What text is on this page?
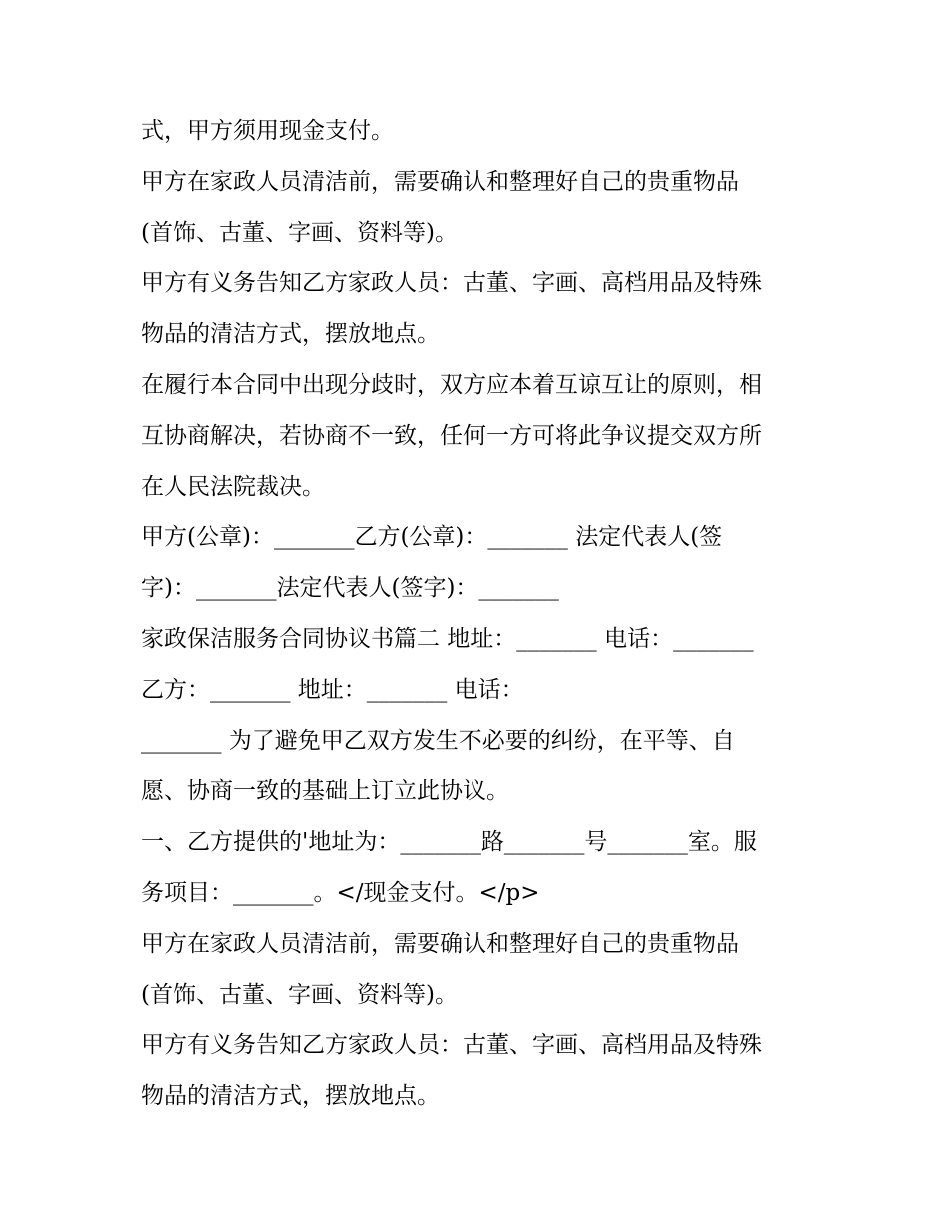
式，甲方须用现金支付。
甲方在家政人员清洁前，需要确认和整理好自己的贵重物品
(首饰、古董、字画、资料等)。
甲方有义务告知乙方家政人员：古董、字画、高档用品及特殊
物品的清洁方式，摆放地点。
在履行本合同中出现分歧时，双方应本着互谅互让的原则，相
互协商解决，若协商不一致，任何一方可将此争议提交双方所
在人民法院裁决。
甲方(公章)：_______乙方(公章)：_______ 法定代表人(签
字)：_______法定代表人(签字)：_______
家政保洁服务合同协议书篇二 地址：_______ 电话：_______
乙方：_______ 地址：_______ 电话：
_______ 为了避免甲乙双方发生不必要的纠纷，在平等、自
愿、协商一致的基础上订立此协议。
一、乙方提供的'地址为：_______路_______号_______室。服
务项目：_______。</现金支付。</p>
甲方在家政人员清洁前，需要确认和整理好自己的贵重物品
(首饰、古董、字画、资料等)。
甲方有义务告知乙方家政人员：古董、字画、高档用品及特殊
物品的清洁方式，摆放地点。
